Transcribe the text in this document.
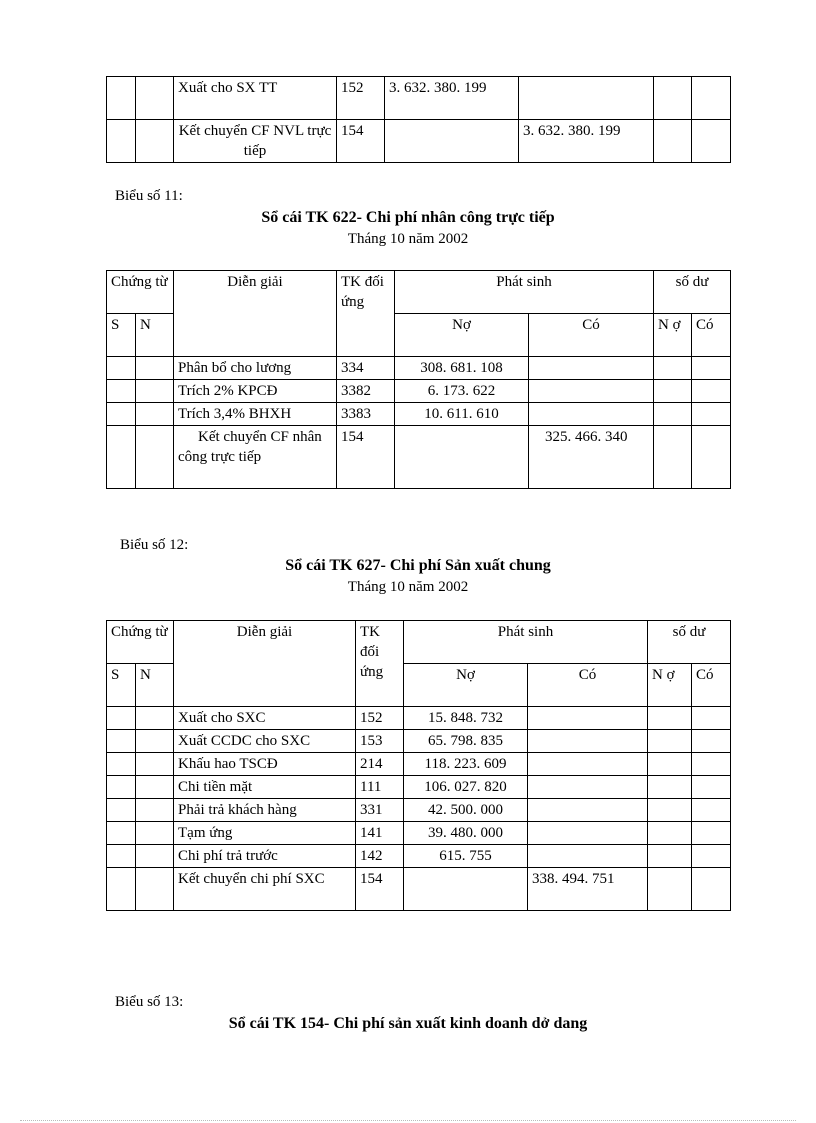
		Xuất cho SX TT	152	3. 632. 380. 199			
		Kết chuyển CF NVL trực tiếp	154		3. 632. 380. 199		
Biểu số 11:
Sổ cái TK 622- Chi phí nhân công trực tiếp
Tháng 10 năm 2002
Chứng từ		Diễn giải	TK đối ứng	Phát sinh		số dư	
S	N			Nợ	Có	N ợ	Có
		Phân bổ cho lương	334	308. 681. 108			
		Trích 2% KPCĐ	3382	6. 173. 622			
		Trích 3,4% BHXH	3383	10. 611. 610			
		Kết chuyển CF nhân công trực tiếp	154		325. 466. 340		
Biểu số 12:
Sổ cái TK 627- Chi phí Sản xuất chung
Tháng 10 năm 2002
Chứng từ		Diễn giải	TK đối ứng	Phát sinh		số dư	
S	N			Nợ	Có	N ợ	Có
		Xuất cho SXC	152	15. 848. 732			
		Xuất CCDC cho SXC	153	65. 798. 835			
		Khấu hao TSCĐ	214	118. 223. 609			
		Chi tiền mặt	111	106. 027. 820			
		Phải trả khách hàng	331	42. 500. 000			
		Tạm ứng	141	39. 480. 000			
		Chi phí trả trước	142	615. 755			
		Kết chuyển chi phí SXC	154		338. 494. 751		
Biểu số 13:
Sổ cái TK 154- Chi phí sản xuất kinh doanh dở dang
